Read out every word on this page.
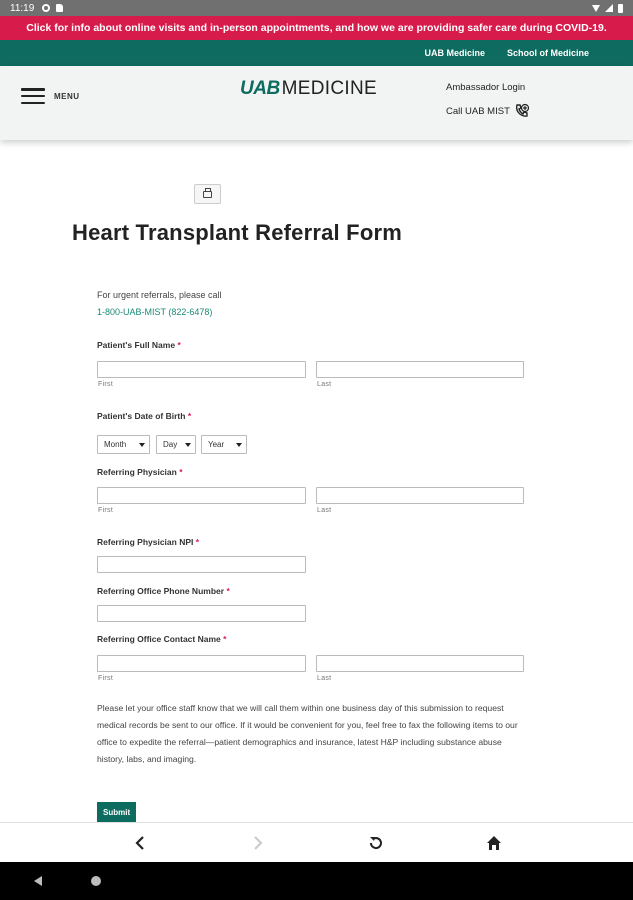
11:19
Click for info about online visits and in-person appointments, and how we are providing safer care during COVID-19.
UAB Medicine School of Medicine
MENU	UAB MEDICINE	Ambassador Login
Call UAB MIST
Heart Transplant Referral Form
For urgent referrals, please call
1-800-UAB-MIST (822-6478)
Patient's Full Name *
First	Last
Patient's Date of Birth *
Month	Day	Year
Referring Physician *
First	Last
Referring Physician NPI *
Referring Office Phone Number *
Referring Office Contact Name *
First	Last
Please let your office staff know that we will call them within one business day of this submission to request medical records be sent to our office. If it would be convenient for you, feel free to fax the following items to our office to expedite the referral—patient demographics and insurance, latest H&P including substance abuse history, labs, and imaging.
Submit
